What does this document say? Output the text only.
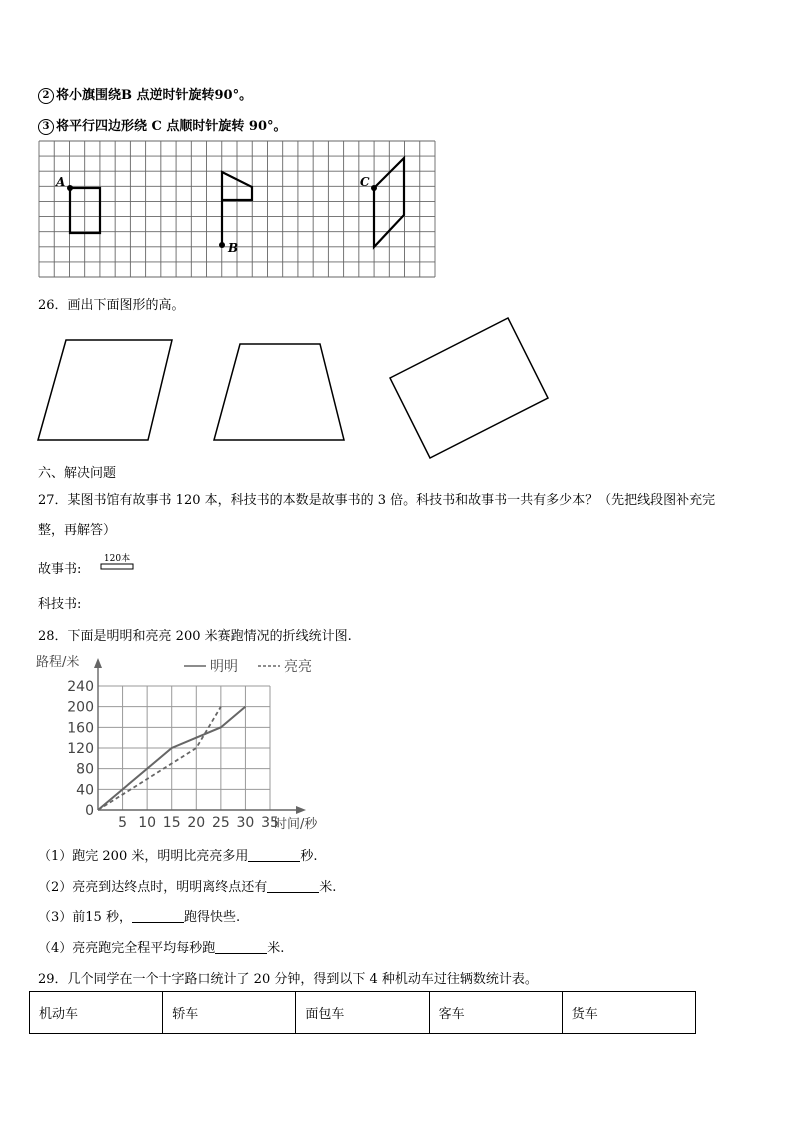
2 将小旗围绕B 点逆时针旋转90°。
3 将平行四边形绕 C 点顺时针旋转 90°。
A
B
C
26．画出下面图形的高。
六、解决问题
27．某图书馆有故事书 120 本，科技书的本数是故事书的 3 倍。科技书和故事书一共有多少本？（先把线段图补充完
整，再解答）
故事书:
120本
科技书:
28．下面是明明和亮亮 200 米赛跑情况的折线统计图.
0
40
80
120
160
200
240
5 10 15 20 25 30 35
路程/米
时间/秒
明明	亮亮
（1）跑完 200 米，明明比亮亮多用	秒.
（2）亮亮到达终点时，明明离终点还有	米.
（3）前15 秒，	跑得快些.
（4）亮亮跑完全程平均每秒跑	米.
29．几个同学在一个十字路口统计了 20 分钟，得到以下 4 种机动车过往辆数统计表。
机动车	轿车	面包车	客车	货车
